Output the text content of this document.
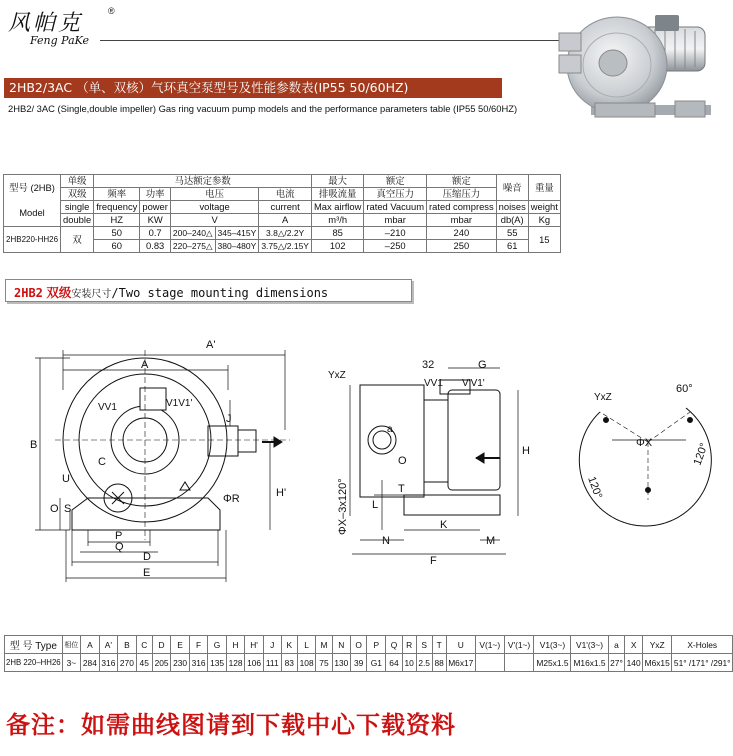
风帕克	®
Feng PaKe
2HB2/3AC （单、双核）气环真空泵型号及性能参数表(IP55 50/60HZ)
2HB2/ 3AC (Single,double impeller) Gas ring vacuum pump models and the performance parameters table (IP55 50/60HZ)
型号 (2HB)	单级	马达额定参数					最大	额定	额定	噪音	重量
	双级	频率	功率	电压		电流	排吸流量	真空压力	压缩压力		
Model	single	frequency	power	voltage		current	Max airflow	rated Vacuum	rated compress	noises	weight
	double	HZ	KW	V		A	m³/h	mbar	mbar	db(A)	Kg
2HB220-HH26	双	50	0.7	200–240△	345–415Y	3.8△/2.2Y	85	–210	240	55	15
		60	0.83	220–275△	380–480Y	3.75△/2.15Y	102	–250	250	61	
2HB2 双级安装尺寸/Two stage mounting dimensions
A'
A
B
C
VV1	V1V1'
J
H'
ΦR
U
O S
P
Q
D
E
YxZ
32	G
VV1 V'V1'
a
O
T
L
K
N	M
F
H
ΦX–3x120°
YxZ
60°
ΦX
120°
120°
型 号 Type	相位	A	A'	B	C	D	E	F	G	H	H'	J	K	L	M	N	O	P	Q	R	S	T	U	V(1~)	V'(1~)	V1(3~)	V1'(3~)	a	X	YxZ	X-Holes
2HB 220–HH26	3~	284	316	270	45	205	230	316	135	128	106	111	83	108	75	130	39	G1	64	10	2.5	88	M6x17			M25x1.5	M16x1.5	27°	140	M6x15	51° /171° /291°
备注：如需曲线图请到下载中心下载资料
